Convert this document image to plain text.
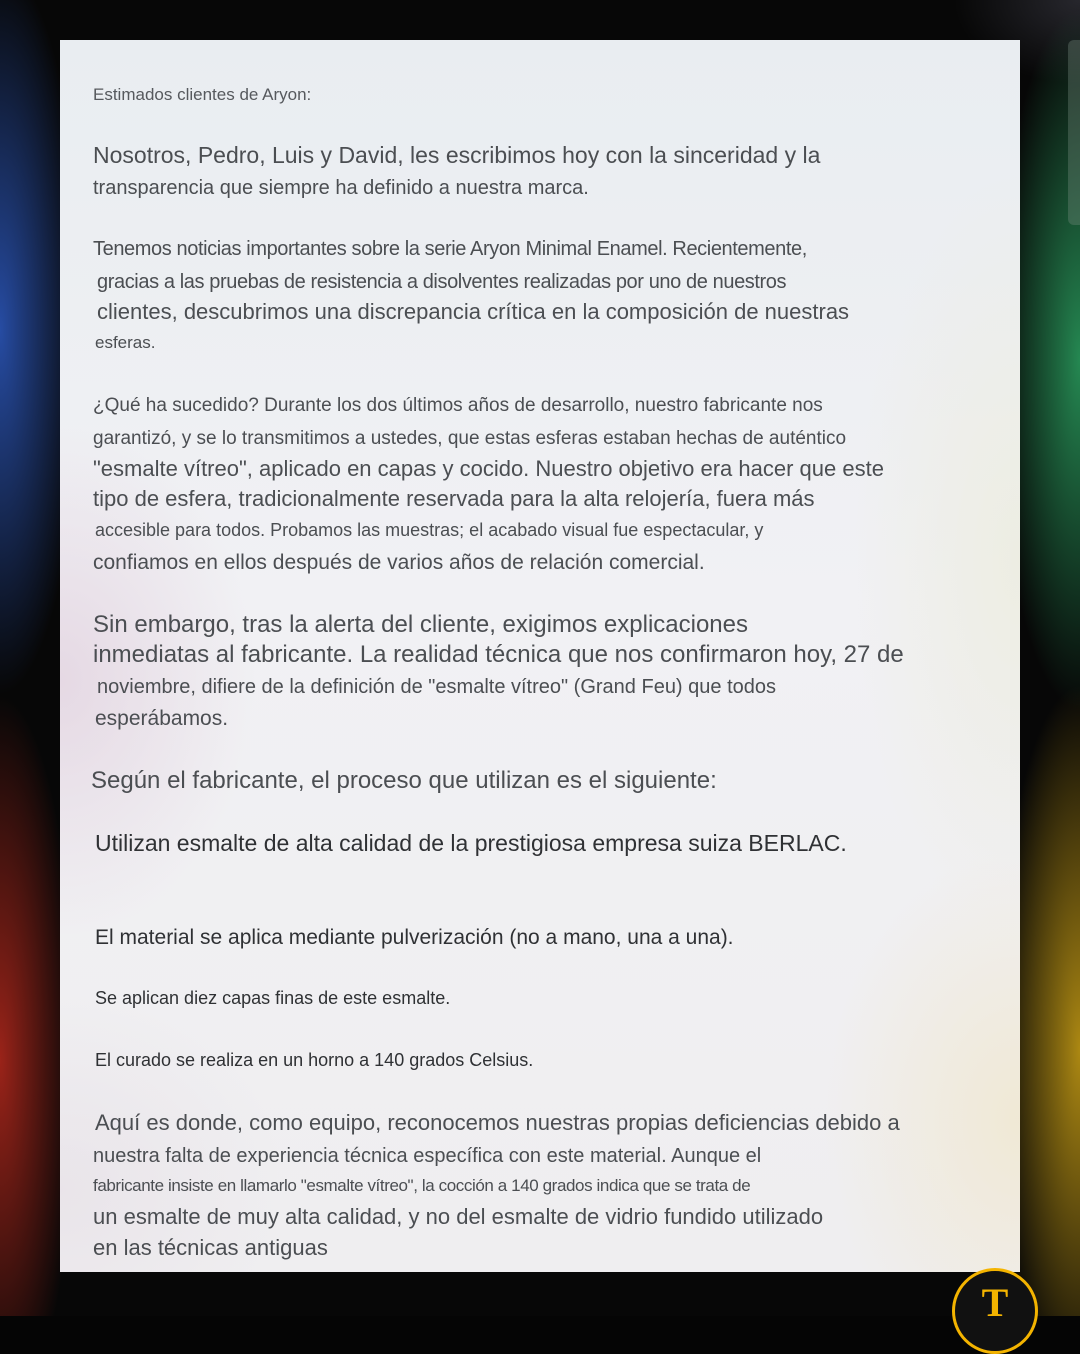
Estimados clientes de Aryon:
Nosotros, Pedro, Luis y David, les escribimos hoy con la sinceridad y la
transparencia que siempre ha definido a nuestra marca.
Tenemos noticias importantes sobre la serie Aryon Minimal Enamel. Recientemente,
gracias a las pruebas de resistencia a disolventes realizadas por uno de nuestros
clientes, descubrimos una discrepancia crítica en la composición de nuestras
esferas.
¿Qué ha sucedido? Durante los dos últimos años de desarrollo, nuestro fabricante nos
garantizó, y se lo transmitimos a ustedes, que estas esferas estaban hechas de auténtico
"esmalte vítreo", aplicado en capas y cocido. Nuestro objetivo era hacer que este
tipo de esfera, tradicionalmente reservada para la alta relojería, fuera más
accesible para todos. Probamos las muestras; el acabado visual fue espectacular, y
confiamos en ellos después de varios años de relación comercial.
Sin embargo, tras la alerta del cliente, exigimos explicaciones
inmediatas al fabricante. La realidad técnica que nos confirmaron hoy, 27 de
noviembre, difiere de la definición de "esmalte vítreo" (Grand Feu) que todos
esperábamos.
Según el fabricante, el proceso que utilizan es el siguiente:
Utilizan esmalte de alta calidad de la prestigiosa empresa suiza BERLAC.
El material se aplica mediante pulverización (no a mano, una a una).
Se aplican diez capas finas de este esmalte.
El curado se realiza en un horno a 140 grados Celsius.
Aquí es donde, como equipo, reconocemos nuestras propias deficiencias debido a
nuestra falta de experiencia técnica específica con este material. Aunque el
fabricante insiste en llamarlo "esmalte vítreo", la cocción a 140 grados indica que se trata de
un esmalte de muy alta calidad, y no del esmalte de vidrio fundido utilizado
en las técnicas antiguas
T
